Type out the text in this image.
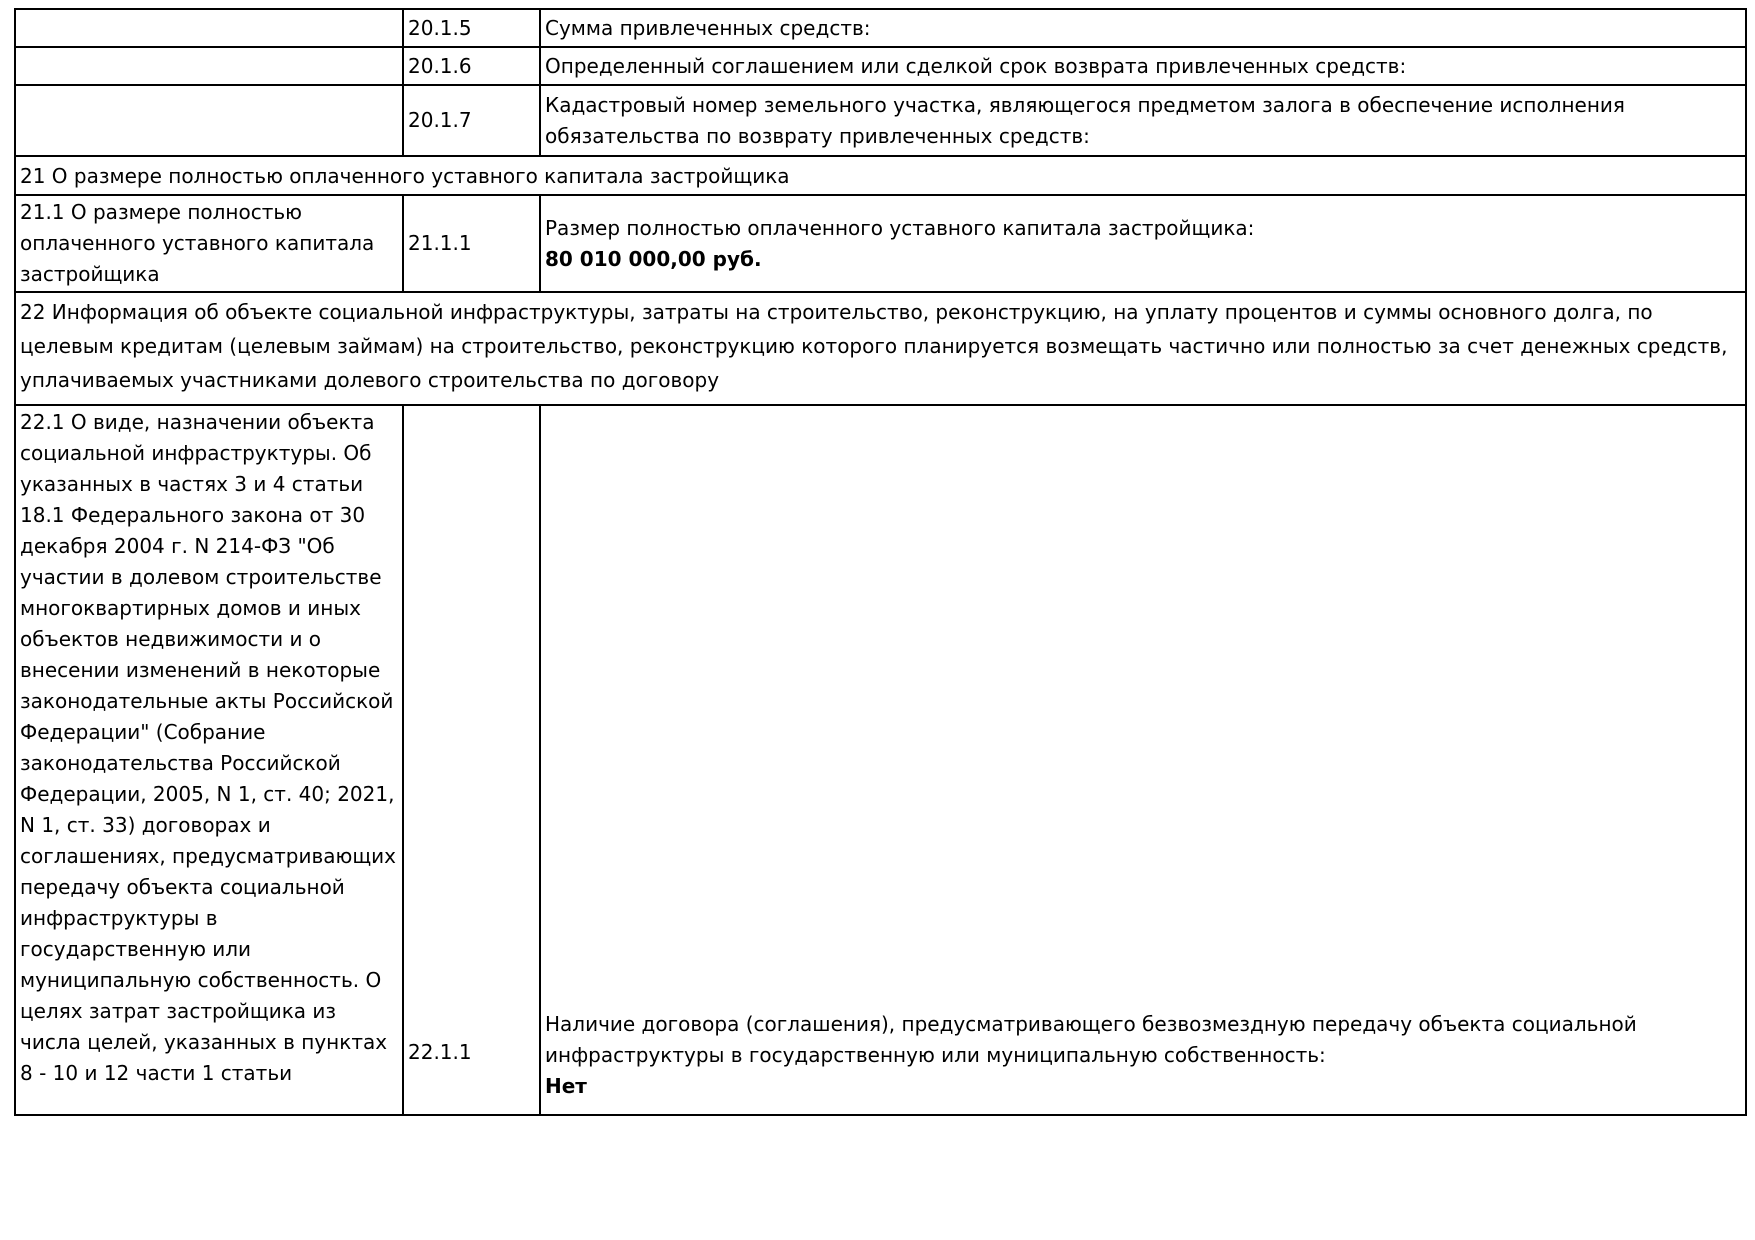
	20.1.5	Сумма привлеченных средств:
	20.1.6	Определенный соглашением или сделкой срок возврата привлеченных средств:
	20.1.7	Кадастровый номер земельного участка, являющегося предметом залога в обеспечение исполнения обязательства по возврату привлеченных средств:
21 О размере полностью оплаченного уставного капитала застройщика		
21.1 О размере полностью оплаченного уставного капитала застройщика	21.1.1	Размер полностью оплаченного уставного капитала застройщика:
80 010 000,00 руб.

22 Информация об объекте социальной инфраструктуры, затраты на строительство, реконструкцию, на уплату процентов и суммы основного долга, по целевым кредитам (целевым займам) на строительство, реконструкцию которого планируется возмещать частично или полностью за счет денежных средств, уплачиваемых участниками долевого строительства по договору		

22.1 О виде, назначении объекта социальной инфраструктуры. Об указанных в частях 3 и 4 статьи 18.1 Федерального закона от 30 декабря 2004 г. N 214-ФЗ "Об участии в долевом строительстве многоквартирных домов и иных объектов недвижимости и о внесении изменений в некоторые законодательные акты Российской Федерации" (Собрание законодательства Российской Федерации, 2005, N 1, ст. 40; 2021, N 1, ст. 33) договорах и соглашениях, предусматривающих передачу объекта социальной инфраструктуры в государственную или муниципальную собственность. О целях затрат застройщика из числа целей, указанных в пунктах 8 - 10 и 12 части 1 статьи	22.1.1	Наличие договора (соглашения), предусматривающего безвозмездную передачу объекта социальной инфраструктуры в государственную или муниципальную собственность:
Нет
